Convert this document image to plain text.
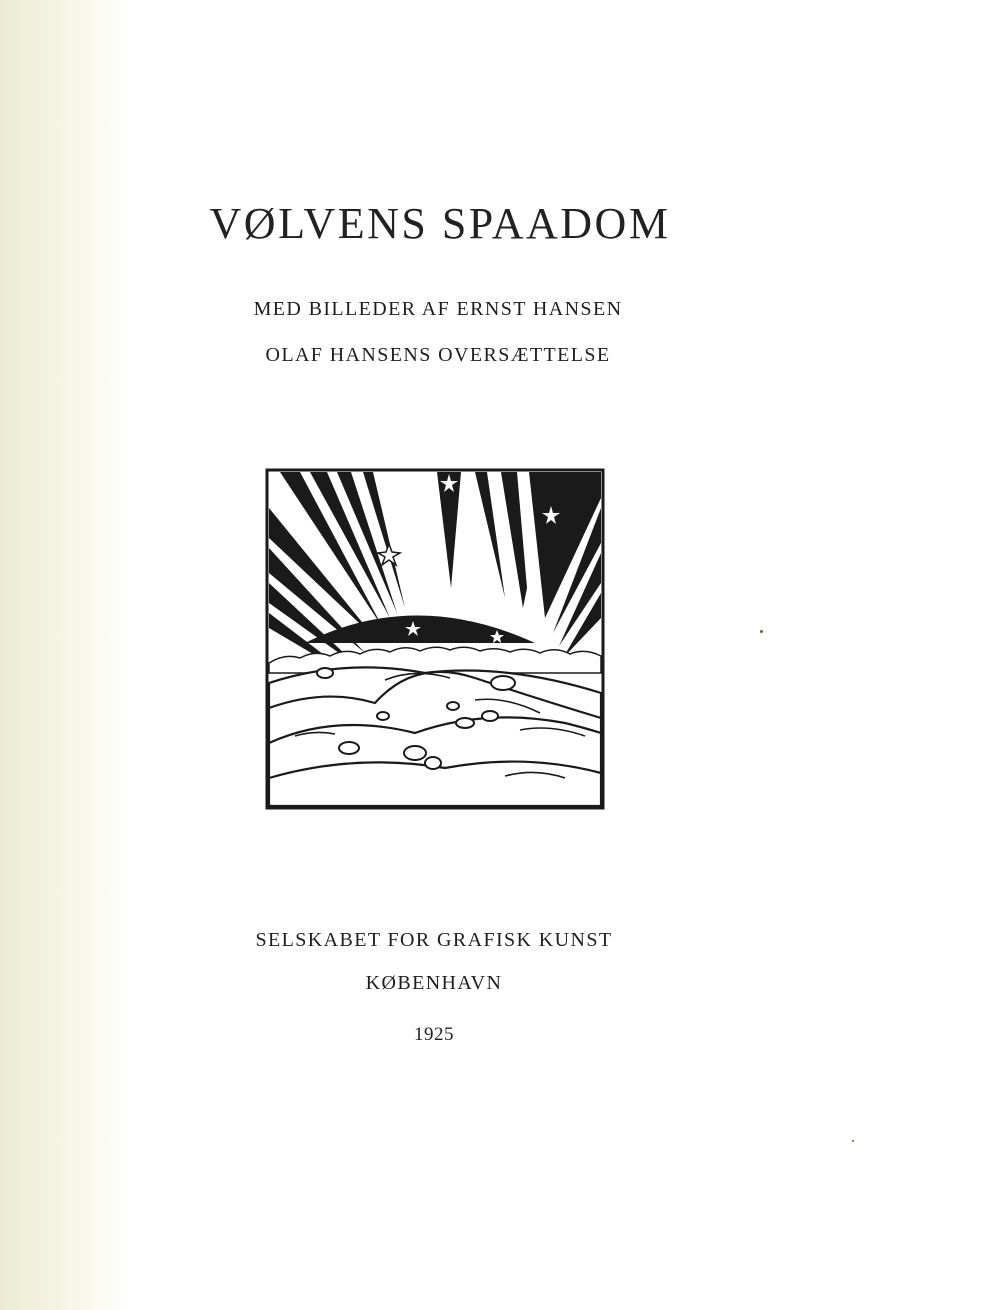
VØLVENS SPAADOM
MED BILLEDER AF ERNST HANSEN
OLAF HANSENS OVERSÆTTELSE
SELSKABET FOR GRAFISK KUNST
KØBENHAVN
1925
